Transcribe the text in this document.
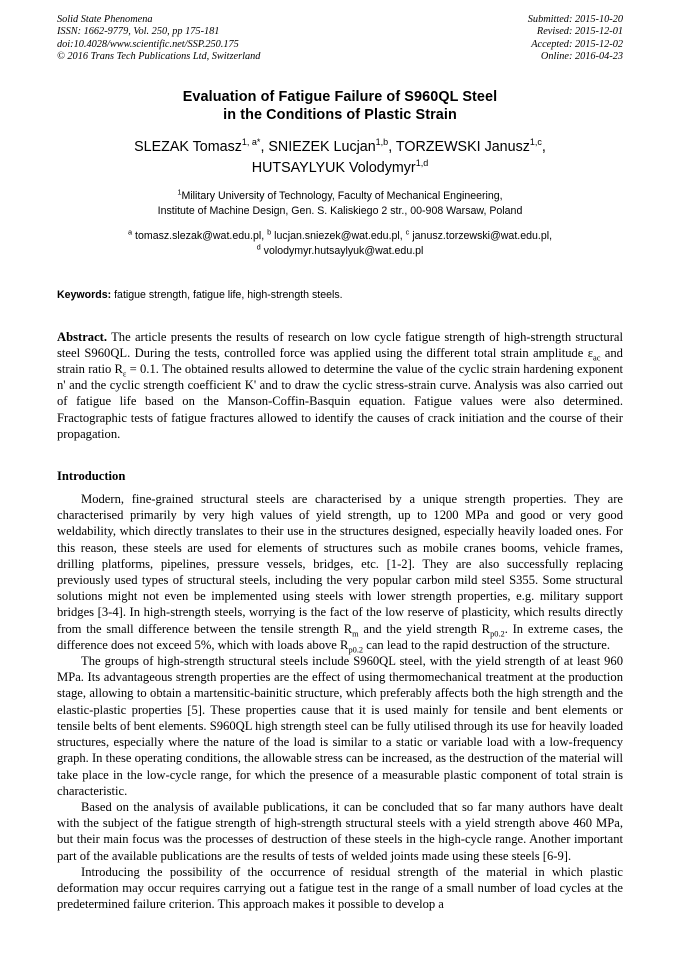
Solid State Phenomena
ISSN: 1662-9779, Vol. 250, pp 175-181
doi:10.4028/www.scientific.net/SSP.250.175
© 2016 Trans Tech Publications Ltd, Switzerland
Submitted: 2015-10-20
Revised: 2015-12-01
Accepted: 2015-12-02
Online: 2016-04-23
Evaluation of Fatigue Failure of S960QL Steel
in the Conditions of Plastic Strain
SLEZAK Tomasz$^{1, a*}$, SNIEZEK Lucjan$^{1,b}$, TORZEWSKI Janusz$^{1,c}$,
HUTSAYLYUK Volodymyr$^{1,d}$
$^1$Military University of Technology, Faculty of Mechanical Engineering,
Institute of Machine Design, Gen. S. Kaliskiego 2 str., 00-908 Warsaw, Poland
$^a$ tomasz.slezak@wat.edu.pl, $^b$ lucjan.sniezek@wat.edu.pl, $^c$ janusz.torzewski@wat.edu.pl,
$^d$ volodymyr.hutsaylyuk@wat.edu.pl
Keywords: fatigue strength, fatigue life, high-strength steels.
Abstract. The article presents the results of research on low cycle fatigue strength of high-strength structural steel S960QL. During the tests, controlled force was applied using the different total strain amplitude $\varepsilon_{ac}$ and strain ratio $R_\varepsilon = 0.1$. The obtained results allowed to determine the value of the cyclic strain hardening exponent n' and the cyclic strength coefficient K' and to draw the cyclic stress-strain curve. Analysis was also carried out of fatigue life based on the Manson-Coffin-Basquin equation. Fatigue values were also determined. Fractographic tests of fatigue fractures allowed to identify the causes of crack initiation and the course of their propagation.
Introduction

Modern, fine-grained structural steels are characterised by a unique strength properties. They are characterised primarily by very high values of yield strength, up to 1200 MPa and good or very good weldability, which directly translates to their use in the structures designed, especially heavily loaded ones. For this reason, these steels are used for elements of structures such as mobile cranes booms, vehicle frames, drilling platforms, pipelines, pressure vessels, bridges, etc. [1-2]. They are also successfully replacing previously used types of structural steels, including the very popular carbon mild steel S355. Some structural solutions might not even be implemented using steels with lower strength properties, e.g. military support bridges [3-4]. In high-strength steels, worrying is the fact of the low reserve of plasticity, which results directly from the small difference between the tensile strength $R_m$ and the yield strength $R_{p0.2}$. In extreme cases, the difference does not exceed 5%, which with loads above $R_{p0.2}$ can lead to the rapid destruction of the structure.

The groups of high-strength structural steels include S960QL steel, with the yield strength of at least 960 MPa. Its advantageous strength properties are the effect of using thermomechanical treatment at the production stage, allowing to obtain a martensitic-bainitic structure, which preferably affects both the high strength and the elastic-plastic properties [5]. These properties cause that it is used mainly for tensile and bent elements or tensile belts of bent elements. S960QL high strength steel can be fully utilised through its use for heavily loaded structures, especially where the nature of the load is similar to a static or variable load with a low-frequency graph. In these operating conditions, the allowable stress can be increased, as the destruction of the material will take place in the low-cycle range, for which the presence of a measurable plastic component of total strain is characteristic.

Based on the analysis of available publications, it can be concluded that so far many authors have dealt with the subject of the fatigue strength of high-strength structural steels with a yield strength above 460 MPa, but their main focus was the processes of destruction of these steels in the high-cycle range. Another important part of the available publications are the results of tests of welded joints made using these steels [6-9].

Introducing the possibility of the occurrence of residual strength of the material in which plastic deformation may occur requires carrying out a fatigue test in the range of a small number of load cycles at the predetermined failure criterion. This approach makes it possible to develop a
